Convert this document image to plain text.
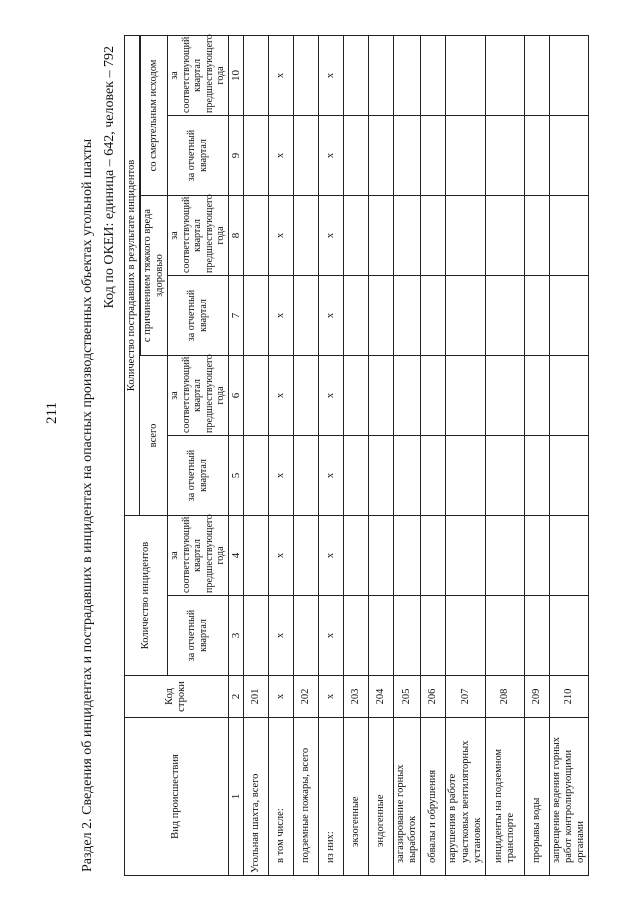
211 Раздел 2. Сведения об инцидентах и пострадавших в инцидентах на опасных производственных объектах угольной шахты Код по ОКЕИ: единица – 642, человек – 792
Вид происшествия	Код строки	Количество инцидентов		Количество пострадавших в результате инцидентов					
				всего					
						с причинением тяжкого вреда здоровью		со смертельным исходом	
		за отчетный квартал	за соответствующий квартал предшествующего года	за отчетный квартал	за соответствующий квартал предшествующего года	за отчетный квартал	за соответствующий квартал предшествующего года	за отчетный квартал	за соответствующий квартал предшествующего года
1	2	3	4	5	6	7	8	9	10
Угольная шахта, всего	201								
в том числе:	х	х	х	х	х	х	х	х	х
подземные пожары, всего	202								
из них:	х	х	х	х	х	х	х	х	х
экзогенные	203								
эндогенные	204								
загазирование горных выработок	205								
обвалы и обрушения	206								
нарушения в работе участковых вентиляторных установок	207								
инциденты на подземном транспорте	208								
прорывы воды	209								
запрещение ведения горных работ контролирующими органами	210								
